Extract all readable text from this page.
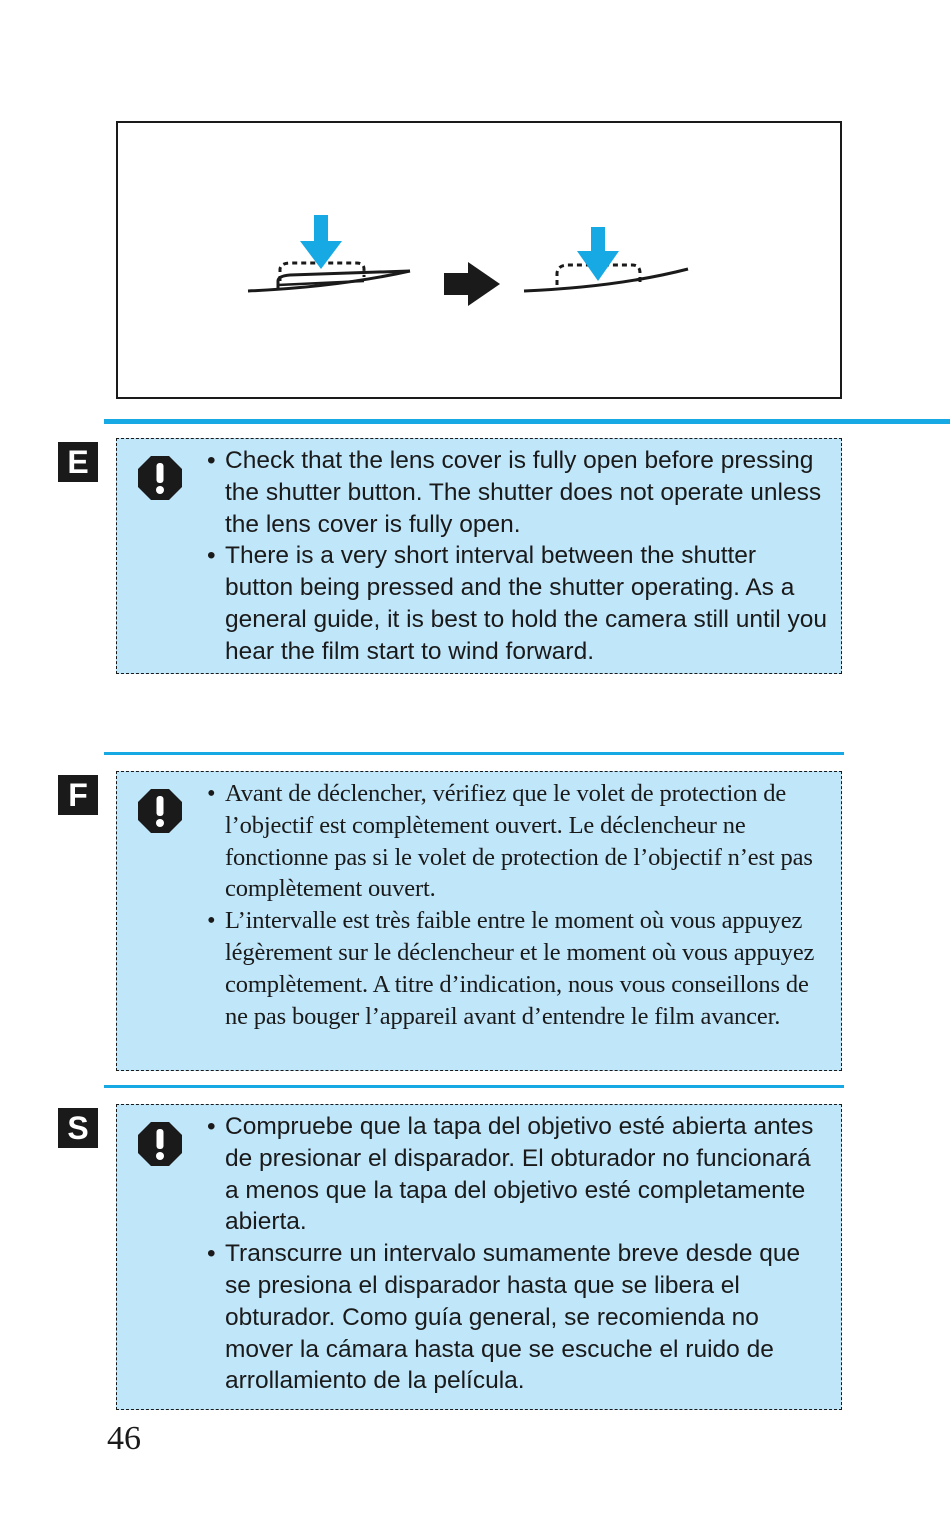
E	• Check that the lens cover is fully open before pressing the shutter button. The shutter does not operate unless the lens cover is fully open.
• There is a very short interval between the shutter button being pressed and the shutter operating. As a general guide, it is best to hold the camera still until you hear the film start to wind forward.
F	• Avant de déclencher, vérifiez que le volet de protection de l’objectif est complètement ouvert. Le déclencheur ne fonctionne pas si le volet de protection de l’objectif n’est pas complètement ouvert.
• L’intervalle est très faible entre le moment où vous appuyez légèrement sur le déclencheur et le moment où vous appuyez complètement. A titre d’indication, nous vous conseillons de ne pas bouger l’appareil avant d’entendre le film avancer.
S	• Compruebe que la tapa del objetivo esté abierta antes de presionar el disparador. El obturador no funcionará a menos que la tapa del objetivo esté completamente abierta.
• Transcurre un intervalo sumamente breve desde que se presiona el disparador hasta que se libera el obturador. Como guía general, se recomienda no mover la cámara hasta que se escuche el ruido de arrollamiento de la película.
46
